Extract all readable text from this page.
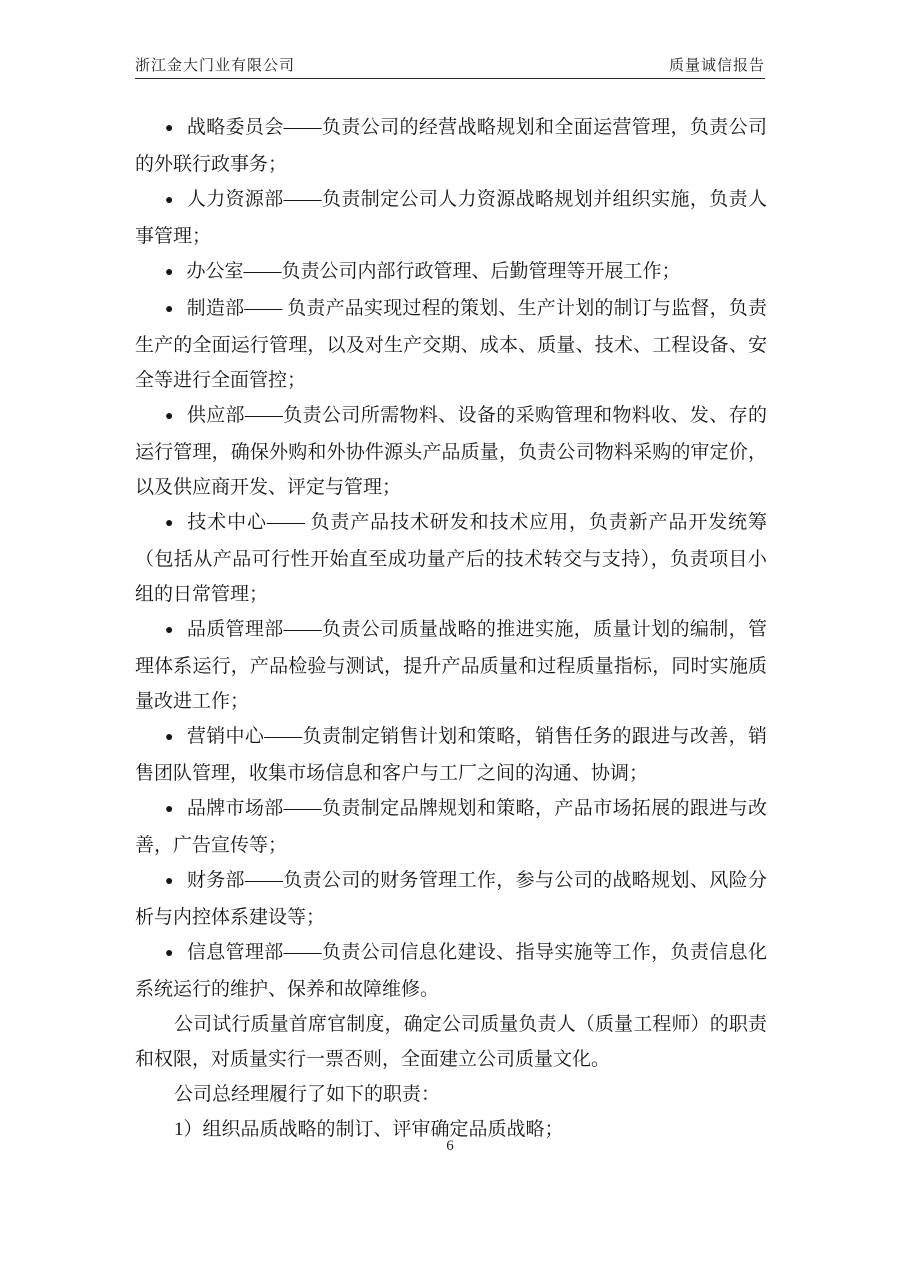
浙江金大门业有限公司	质量诚信报告

● 战略委员会——负责公司的经营战略规划和全面运营管理，负责公司的外联行政事务；

● 人力资源部——负责制定公司人力资源战略规划并组织实施，负责人事管理；

● 办公室——负责公司内部行政管理、后勤管理等开展工作；

● 制造部—— 负责产品实现过程的策划、生产计划的制订与监督，负责生产的全面运行管理，以及对生产交期、成本、质量、技术、工程设备、安全等进行全面管控；

● 供应部——负责公司所需物料、设备的采购管理和物料收、发、存的运行管理，确保外购和外协件源头产品质量，负责公司物料采购的审定价，以及供应商开发、评定与管理；

● 技术中心—— 负责产品技术研发和技术应用，负责新产品开发统筹（包括从产品可行性开始直至成功量产后的技术转交与支持），负责项目小组的日常管理；

● 品质管理部——负责公司质量战略的推进实施，质量计划的编制，管理体系运行，产品检验与测试，提升产品质量和过程质量指标，同时实施质量改进工作；

● 营销中心——负责制定销售计划和策略，销售任务的跟进与改善，销售团队管理，收集市场信息和客户与工厂之间的沟通、协调；

● 品牌市场部——负责制定品牌规划和策略，产品市场拓展的跟进与改善，广告宣传等；

● 财务部——负责公司的财务管理工作，参与公司的战略规划、风险分析与内控体系建设等；

● 信息管理部——负责公司信息化建设、指导实施等工作，负责信息化系统运行的维护、保养和故障维修。

公司试行质量首席官制度，确定公司质量负责人（质量工程师）的职责和权限，对质量实行一票否则，全面建立公司质量文化。

公司总经理履行了如下的职责：

1）组织品质战略的制订、评审确定品质战略；

6
